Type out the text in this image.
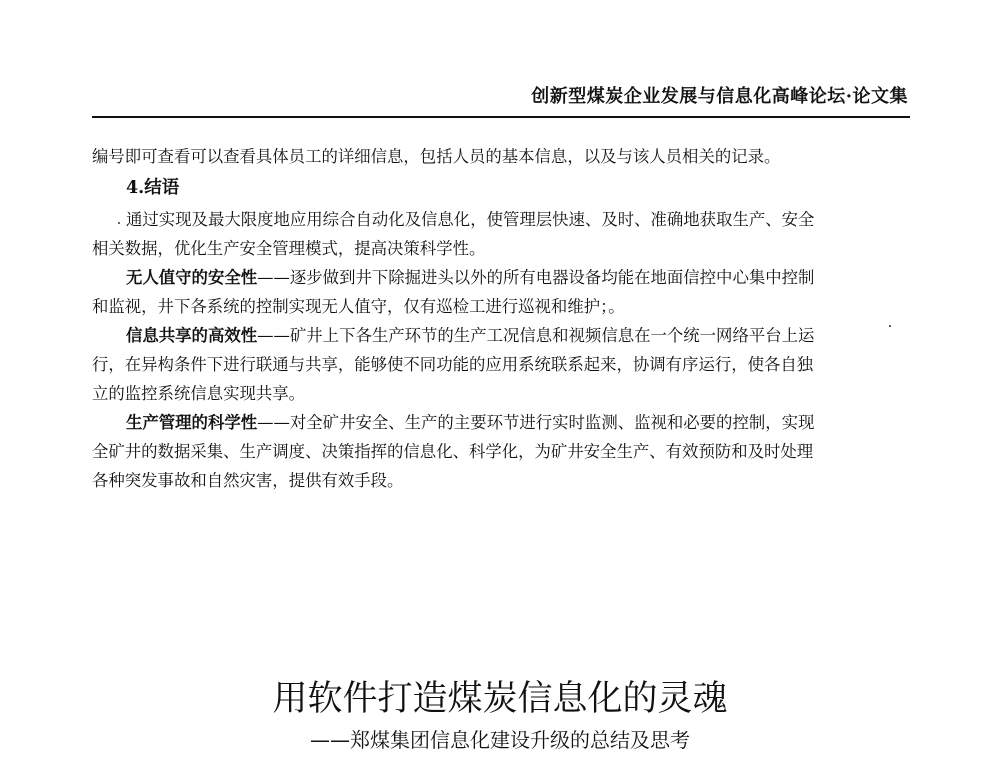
创新型煤炭企业发展与信息化高峰论坛·论文集
编号即可查看可以查看具体员工的详细信息，包括人员的基本信息，以及与该人员相关的记录。
4.结语
通过实现及最大限度地应用综合自动化及信息化，使管理层快速、及时、准确地获取生产、安全
相关数据，优化生产安全管理模式，提高决策科学性。
无人值守的安全性——逐步做到井下除掘进头以外的所有电器设备均能在地面信控中心集中控制
和监视，井下各系统的控制实现无人值守，仅有巡检工进行巡视和维护；。
信息共享的高效性——矿井上下各生产环节的生产工况信息和视频信息在一个统一网络平台上运
行，在异构条件下进行联通与共享，能够使不同功能的应用系统联系起来，协调有序运行，使各自独
立的监控系统信息实现共享。
生产管理的科学性——对全矿井安全、生产的主要环节进行实时监测、监视和必要的控制，实现
全矿井的数据采集、生产调度、决策指挥的信息化、科学化，为矿井安全生产、有效预防和及时处理
各种突发事故和自然灾害，提供有效手段。
用软件打造煤炭信息化的灵魂
——郑煤集团信息化建设升级的总结及思考
